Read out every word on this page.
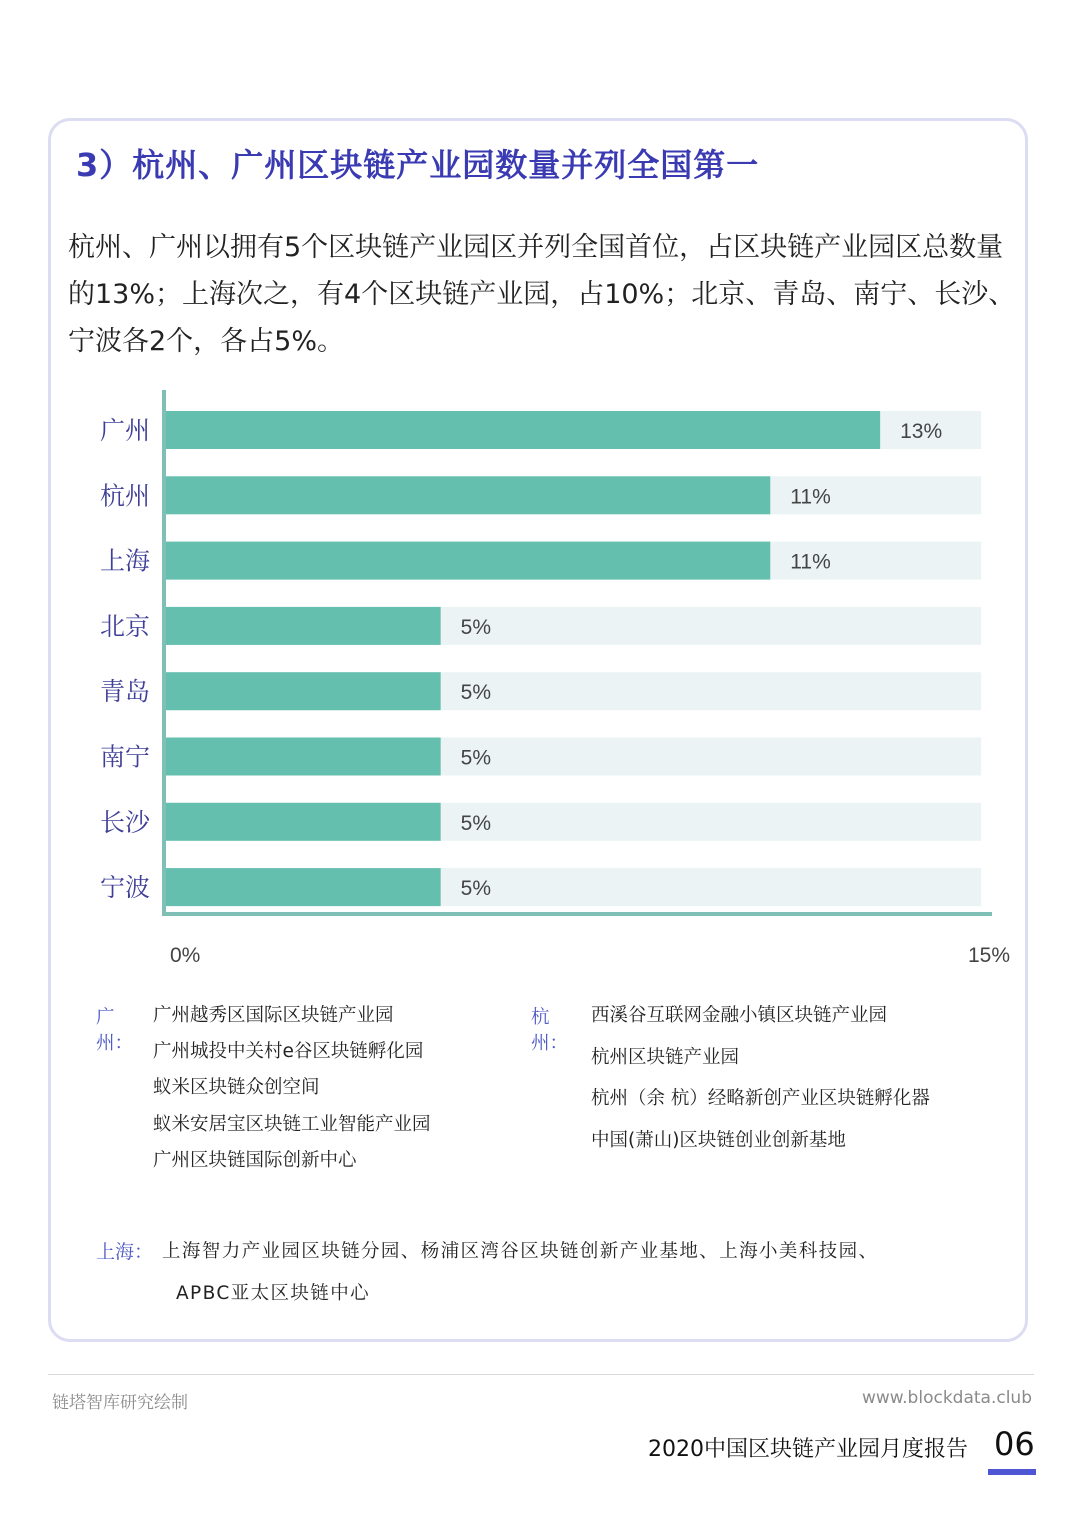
3）杭州、广州区块链产业园数量并列全国第一

杭州、广州以拥有5个区块链产业园区并列全国首位，占区块链产业园区总数量的13%；上海次之，有4个区块链产业园，占10%；北京、青岛、南宁、长沙、宁波各2个，各占5%。

广州
杭州
上海
北京
青岛
南宁
长沙
宁波
13%
11%
11%
5%
5%
5%
5%
5%
0%	15%
广州：
广州越秀区国际区块链产业园
广州城投中关村e谷区块链孵化园
蚁米区块链众创空间
蚁米安居宝区块链工业智能产业园
广州区块链国际创新中心
杭州：
西溪谷互联网金融小镇区块链产业园
杭州区块链产业园
杭州（余 杭）经略新创产业区块链孵化器
中国(萧山)区块链创业创新基地
上海： 上海智力产业园区块链分园、杨浦区湾谷区块链创新产业基地、上海小美科技园、
APBC亚太区块链中心
链塔智库研究绘制	www.blockdata.club
2020中国区块链产业园月度报告 06
